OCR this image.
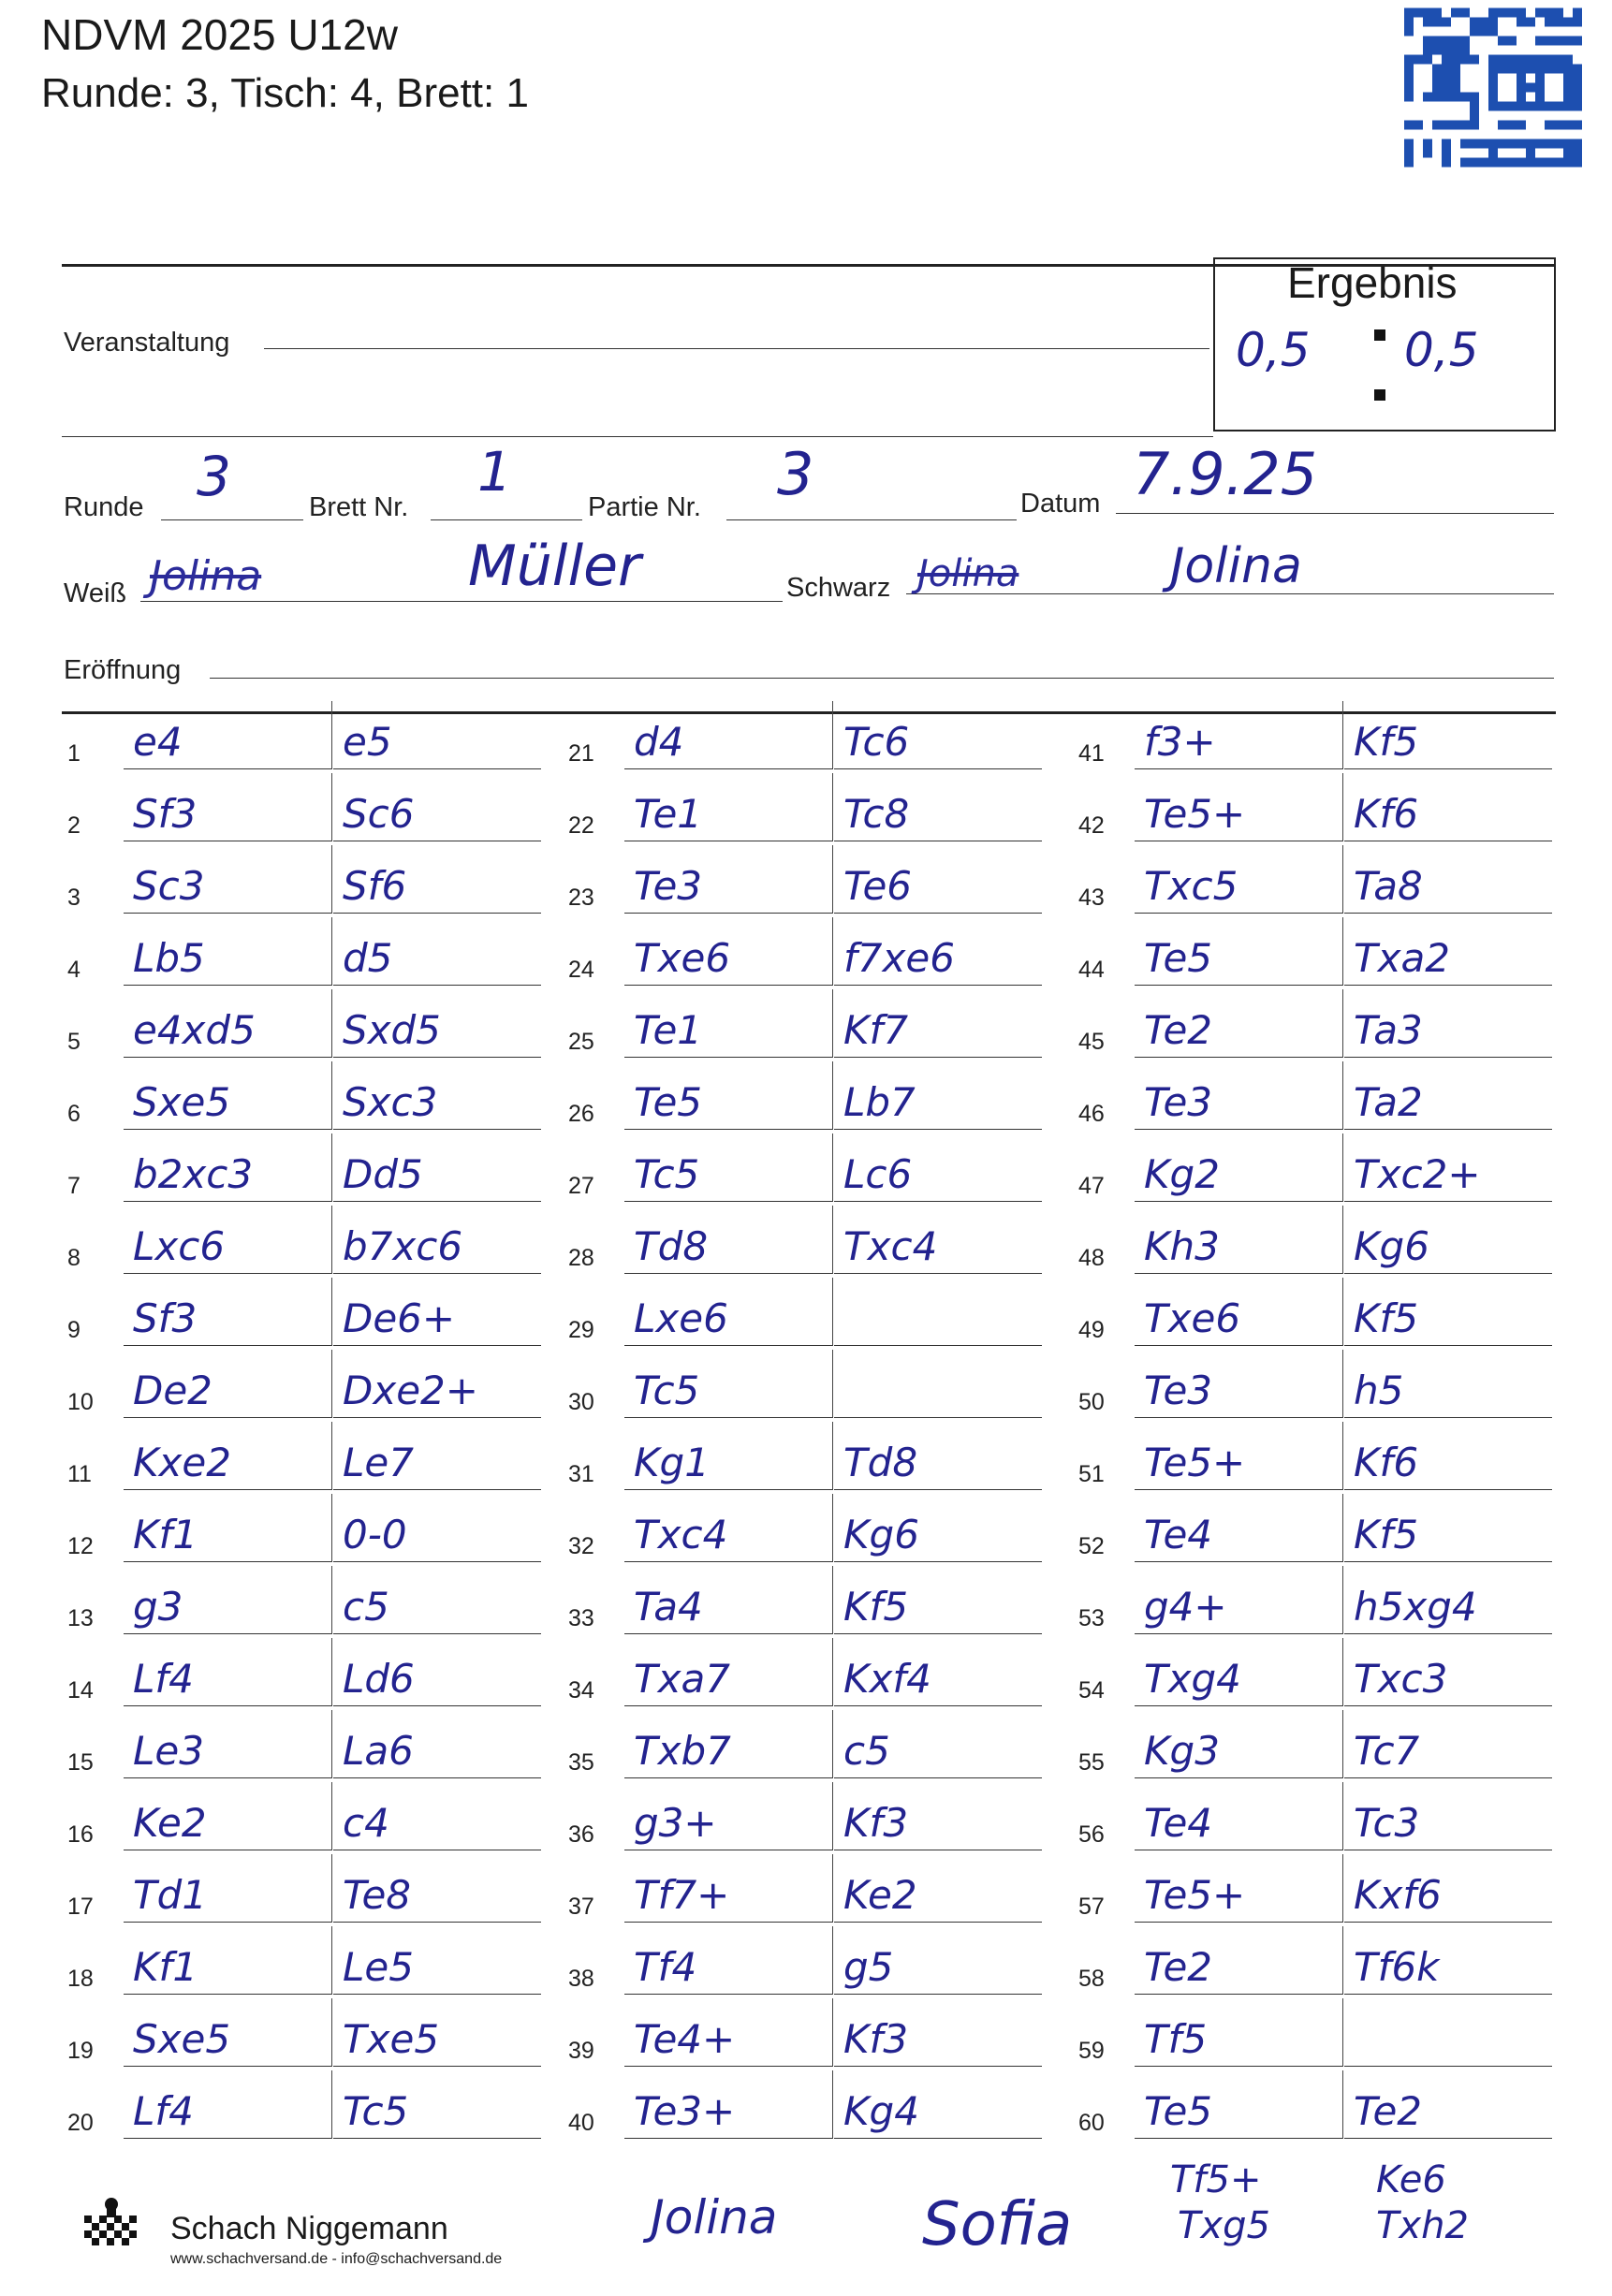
NDVM 2025 U12w
Runde: 3, Tisch: 4, Brett: 1
Veranstaltung
Ergebnis
0,5 0,5
Runde 3	Brett Nr.
1
Partie Nr. 3	Datum 7.9.25
Weiß Jolina	Müller	Schwarz Jolina	Jolina
Eröffnung
1	e4	e5
2	Sf3	Sc6
3	Sc3	Sf6
4	Lb5	d5
5	e4xd5 Sxd5
6	Sxe5	Sxc3
7	b2xc3 Dd5
8	Lxc6	b7xc6
9	Sf3	De6+
10	De2	Dxe2+
11	Kxe2	Le7
12	Kf1	0-0
13	g3	c5
14	Lf4	Ld6
15	Le3	La6
16	Ke2	c4
17	Td1	Te8
18	Kf1	Le5
19	Sxe5	Txe5
20	Lf4	Tc5
21	d4	Tc6
22	Te1	Tc8
23	Te3	Te6
24	Txe6	f7xe6
25	Te1	Kf7
26	Te5	Lb7
27	Tc5	Lc6
28	Td8	Txc4
29	Lxe6
30	Tc5
31	Kg1	Td8
32	Txc4	Kg6
33	Ta4	Kf5
34	Txa7	Kxf4
35	Txb7	c5
36	g3+	Kf3
37	Tf7+	Ke2
38	Tf4	g5
39	Te4+	Kf3
40	Te3+	Kg4
41	f3+	Kf5
42	Te5+	Kf6
43	Txc5	Ta8
44	Te5	Txa2
45	Te2	Ta3
46	Te3	Ta2
47	Kg2	Txc2+
48	Kh3	Kg6
49	Txe6	Kf5
50	Te3	h5
51	Te5+	Kf6
52	Te4	Kf5
53	g4+	h5xg4
54	Txg4	Txc3
55	Kg3	Tc7
56	Te4	Tc3
57	Te5+	Kxf6
58	Te2	Tf6k
59	Tf5
60	Te5	Te2
Tf5+	Ke6
Txg5	Txh2
Jolina Sofia
Schach Niggemann
www.schachversand.de - info@schachversand.de
